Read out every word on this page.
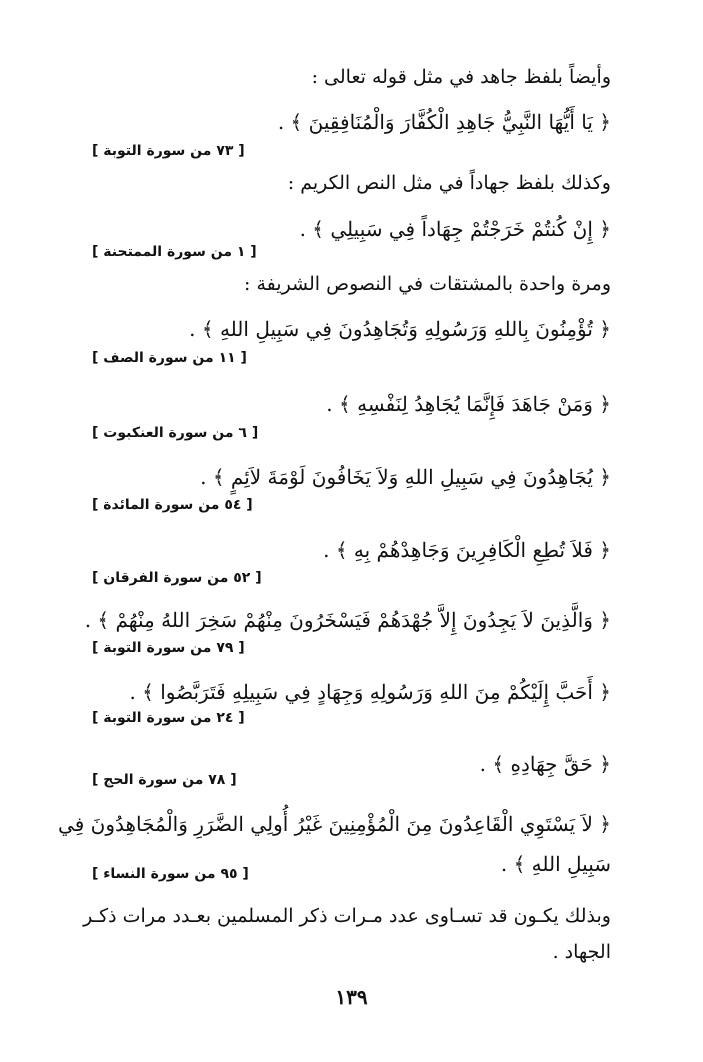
وأيضاً بلفظ جاهد في مثل قوله تعالى :
﴿ يَا أَيُّهَا النَّبِيُّ جَاهِدِ الْكُفَّارَ وَالْمُنَافِقِينَ ﴾ .
[ ٧٣ من سورة التوبة ]
وكذلك بلفظ جهاداً في مثل النص الكريم :
﴿ إِنْ كُنتُمْ خَرَجْتُمْ جِهَاداً فِي سَبِيلِي ﴾ .
[ ١ من سورة الممتحنة ]
ومرة واحدة بالمشتقات في النصوص الشريفة :
﴿ تُؤْمِنُونَ بِاللهِ وَرَسُولِهِ وَتُجَاهِدُونَ فِي سَبِيلِ اللهِ ﴾ .
[ ١١ من سورة الصف ]
﴿ وَمَنْ جَاهَدَ فَإِنَّمَا يُجَاهِدُ لِنَفْسِهِ ﴾ .
[ ٦ من سورة العنكبوت ]
﴿ يُجَاهِدُونَ فِي سَبِيلِ اللهِ وَلاَ يَخَافُونَ لَوْمَةَ لاَئِمٍ ﴾ .
[ ٥٤ من سورة المائدة ]
﴿ فَلاَ تُطِعِ الْكَافِرِينَ وَجَاهِدْهُمْ بِهِ ﴾ .
[ ٥٢ من سورة الفرقان ]
﴿ وَالَّذِينَ لاَ يَجِدُونَ إِلاَّ جُهْدَهُمْ فَيَسْخَرُونَ مِنْهُمْ سَخِرَ اللهُ مِنْهُمْ ﴾ .
[ ٧٩ من سورة التوبة ]
﴿ أَحَبَّ إِلَيْكُمْ مِنَ اللهِ وَرَسُولِهِ وَجِهَادٍ فِي سَبِيلِهِ فَتَرَبَّصُوا ﴾ .
[ ٢٤ من سورة التوبة ]
﴿ حَقَّ جِهَادِهِ ﴾ .
[ ٧٨ من سورة الحج ]
﴿ لاَ يَسْتَوِي الْقَاعِدُونَ مِنَ الْمُؤْمِنِينَ غَيْرُ أُولِي الضَّرَرِ وَالْمُجَاهِدُونَ فِي
سَبِيلِ اللهِ ﴾ .
[ ٩٥ من سورة النساء ]
وبذلك يكـون قد تسـاوى عدد مـرات ذكر المسلمين بعـدد مرات ذكـر
الجهاد .
١٣٩
